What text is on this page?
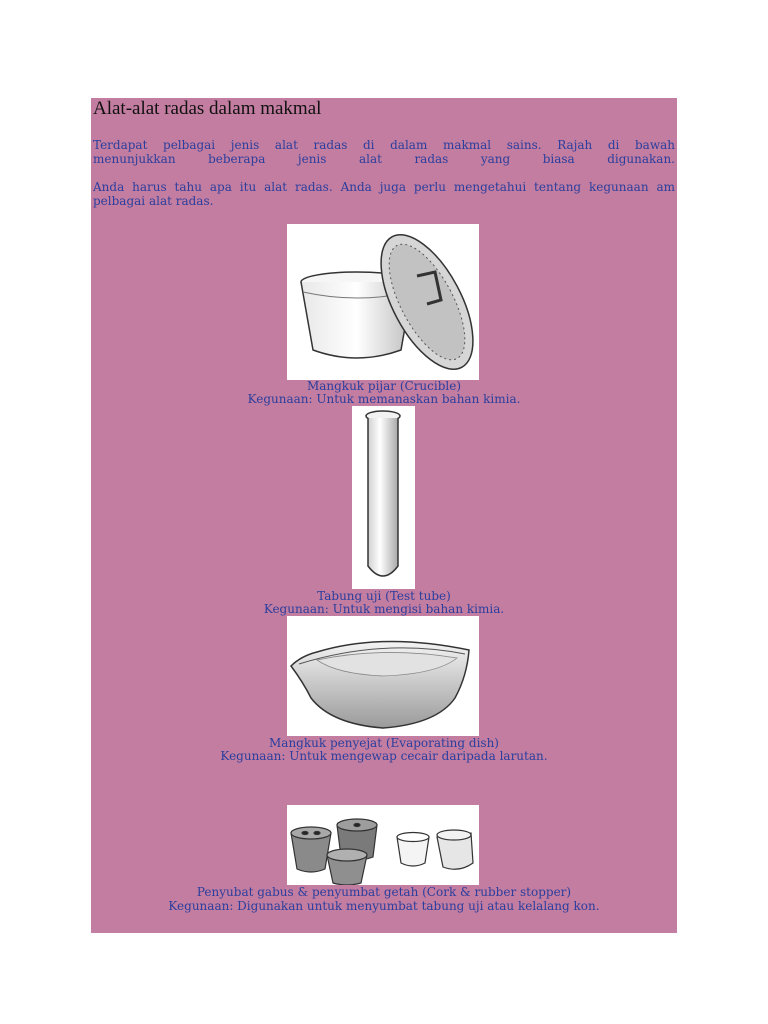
Alat-alat radas dalam makmal
Terdapat pelbagai jenis alat radas di dalam makmal sains. Rajah di bawah
menunjukkan beberapa jenis alat radas yang biasa digunakan.
Anda harus tahu apa itu alat radas. Anda juga perlu mengetahui tentang kegunaan am
pelbagai alat radas.
Mangkuk pijar (Crucible)
Kegunaan: Untuk memanaskan bahan kimia.
Tabung uji (Test tube)
Kegunaan: Untuk mengisi bahan kimia.
Mangkuk penyejat (Evaporating dish)
Kegunaan: Untuk mengewap cecair daripada larutan.
Penyubat gabus & penyumbat getah (Cork & rubber stopper)
Kegunaan: Digunakan untuk menyumbat tabung uji atau kelalang kon.
